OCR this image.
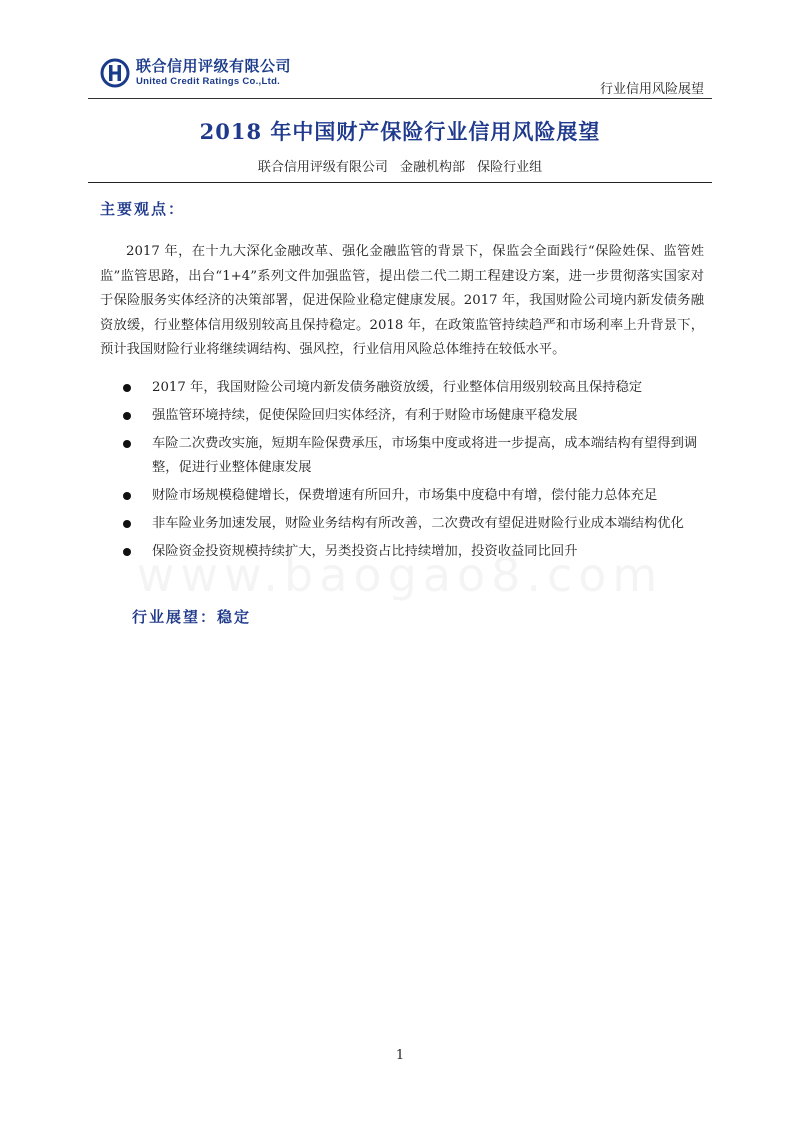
联合信用评级有限公司
United Credit Ratings Co.,Ltd.
行业信用风险展望
2018 年中国财产保险行业信用风险展望
联合信用评级有限公司 金融机构部 保险行业组
主要观点：
2017 年，在十九大深化金融改革、强化金融监管的背景下，保监会全面践行“保险姓保、监管姓监”监管思路，出台“1+4”系列文件加强监管，提出偿二代二期工程建设方案，进一步贯彻落实国家对于保险服务实体经济的决策部署，促进保险业稳定健康发展。2017 年，我国财险公司境内新发债务融资放缓，行业整体信用级别较高且保持稳定。2018 年，在政策监管持续趋严和市场利率上升背景下，预计我国财险行业将继续调结构、强风控，行业信用风险总体维持在较低水平。
2017 年，我国财险公司境内新发债务融资放缓，行业整体信用级别较高且保持稳定
强监管环境持续，促使保险回归实体经济，有利于财险市场健康平稳发展
车险二次费改实施，短期车险保费承压，市场集中度或将进一步提高，成本端结构有望得到调整，促进行业整体健康发展
财险市场规模稳健增长，保费增速有所回升，市场集中度稳中有增，偿付能力总体充足
非车险业务加速发展，财险业务结构有所改善，二次费改有望促进财险行业成本端结构优化
保险资金投资规模持续扩大，另类投资占比持续增加，投资收益同比回升
行业展望：稳定
1
